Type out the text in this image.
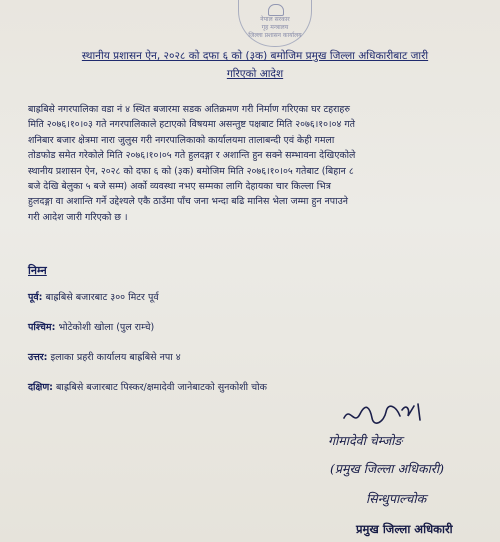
नेपाल सरकार
गृह मन्त्रालय
जिल्ला प्रशासन कार्यालय
स्थानीय प्रशासन ऐन, २०२८ को दफा ६ को (३क) बमोजिम प्रमुख जिल्ला अधिकारीबाट जारी
गरिएको आदेश
बाह्रबिसे नगरपालिका वडा नं ४ स्थित बजारमा सडक अतिक्रमण गरी निर्माण गरिएका घर टहराहरु
मिति २०७६।१०।०३ गते नगरपालिकाले हटाएको विषयमा असन्तुष्ट पक्षबाट मिति २०७६।१०।०४ गते
शनिबार बजार क्षेत्रमा नारा जुलुस गरी नगरपालिकाको कार्यालयमा तालाबन्दी एवं केही गमला
तोडफोड समेत गरेकोले मिति २०७६।१०।०५ गते हुलदङ्गा र अशान्ति हुन सक्ने सम्भावना देखिएकोले
स्थानीय प्रशासन ऐन, २०२८ को दफा ६ को (३क) बमोजिम मिति २०७६।१०।०५ गतेबाट (बिहान ८
बजे देखि बेलुका ५ बजे सम्म) अर्को व्यवस्था नभए सम्मका लागि देहायका चार किल्ला भित्र
हुलदङ्गा वा अशान्ति गर्ने उद्देश्यले एकै ठाउँमा पाँच जना भन्दा बढि मानिस भेला जम्मा हुन नपाउने
गरी आदेश जारी गरिएको छ ।
निम्न
पूर्व: बाह्रबिसे बजारबाट ३०० मिटर पूर्व
पश्चिम: भोटेकोशी खोला (पुल राम्चे)
उत्तर: इलाका प्रहरी कार्यालय बाह्रबिसे नपा ४
दक्षिण: बाह्रबिसे बजारबाट पिस्कर/क्षमादेवी जानेबाटको सुनकोशी चोक
गोमादेवी चेम्जोङ
(प्रमुख जिल्ला अधिकारी)
सिन्धुपाल्चोक
प्रमुख जिल्ला अधिकारी
